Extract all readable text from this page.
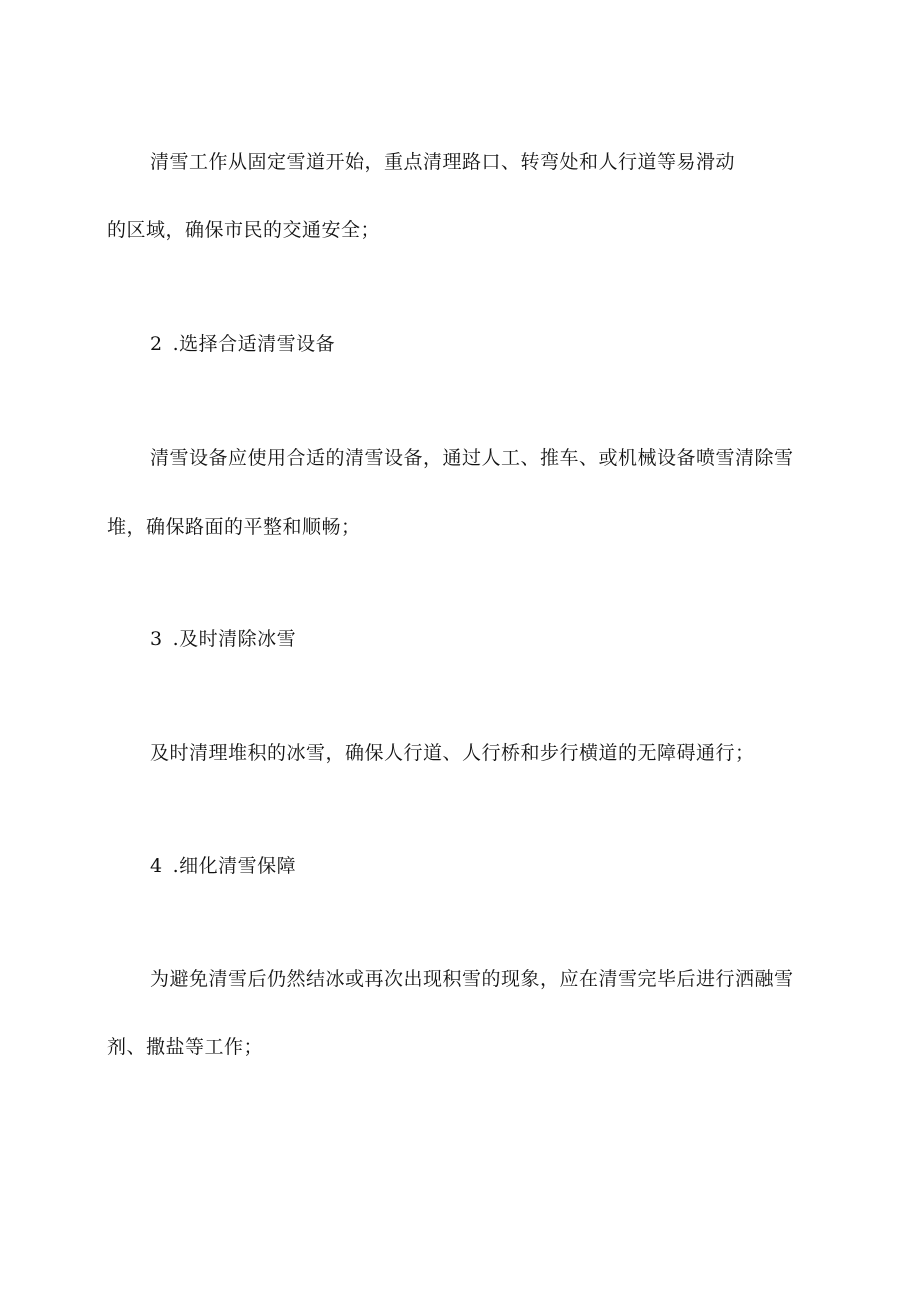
清雪工作从固定雪道开始，重点清理路口、转弯处和人行道等易滑动
的区域，确保市民的交通安全；
2 .选择合适清雪设备
清雪设备应使用合适的清雪设备，通过人工、推车、或机械设备喷雪清除雪
堆，确保路面的平整和顺畅；
3 .及时清除冰雪
及时清理堆积的冰雪，确保人行道、人行桥和步行横道的无障碍通行；
4 .细化清雪保障
为避免清雪后仍然结冰或再次出现积雪的现象，应在清雪完毕后进行洒融雪
剂、撒盐等工作；
